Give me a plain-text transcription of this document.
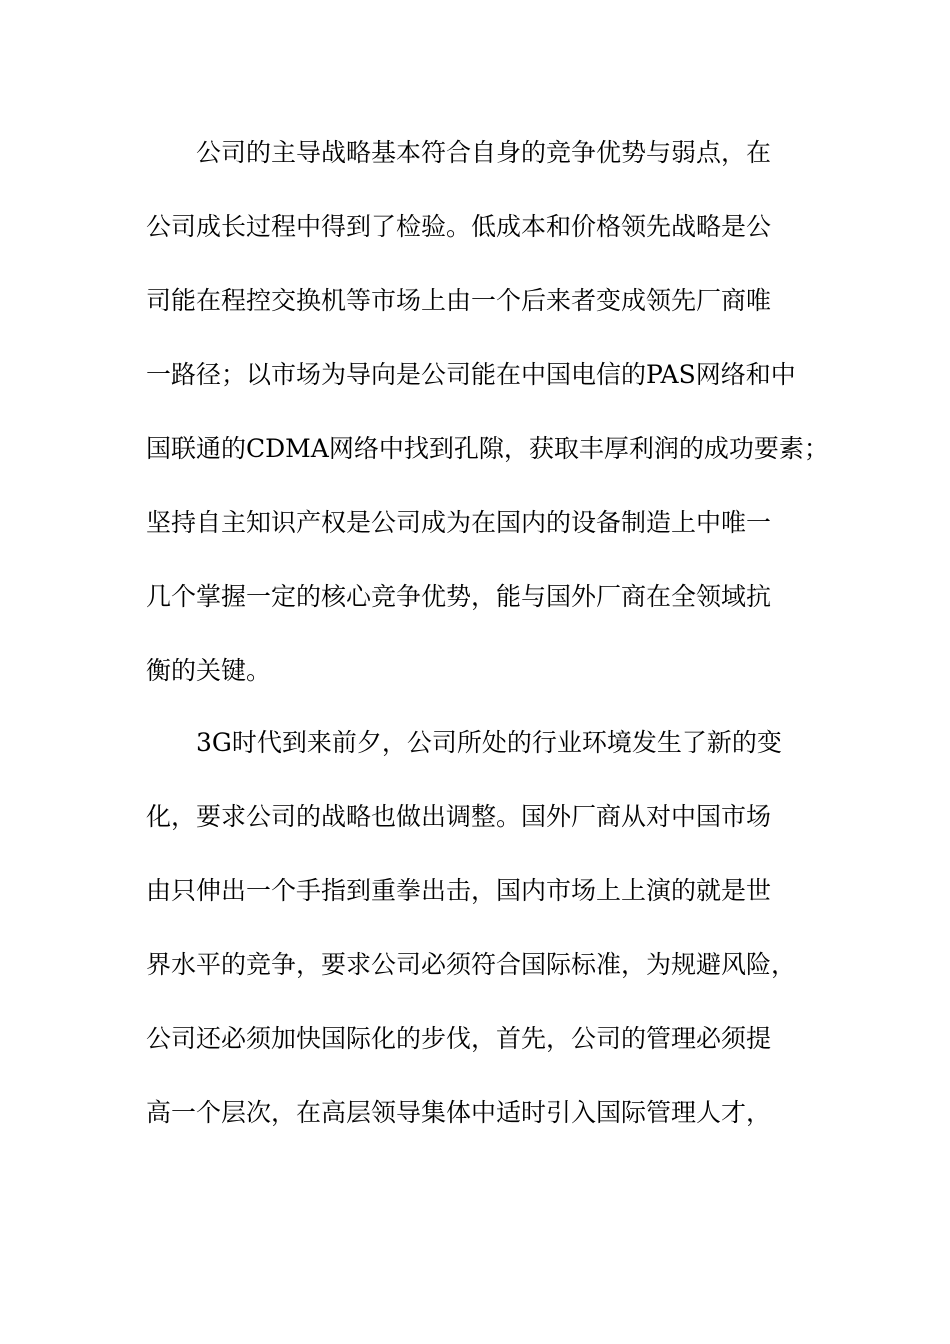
公司的主导战略基本符合自身的竞争优势与弱点，在
公司成长过程中得到了检验。低成本和价格领先战略是公
司能在程控交换机等市场上由一个后来者变成领先厂商唯
一路径；以市场为导向是公司能在中国电信的PAS网络和中
国联通的CDMA网络中找到孔隙，获取丰厚利润的成功要素；
坚持自主知识产权是公司成为在国内的设备制造上中唯一
几个掌握一定的核心竞争优势，能与国外厂商在全领域抗
衡的关键。
3G时代到来前夕，公司所处的行业环境发生了新的变
化，要求公司的战略也做出调整。国外厂商从对中国市场
由只伸出一个手指到重拳出击，国内市场上上演的就是世
界水平的竞争，要求公司必须符合国际标准，为规避风险，
公司还必须加快国际化的步伐，首先，公司的管理必须提
高一个层次，在高层领导集体中适时引入国际管理人才，
